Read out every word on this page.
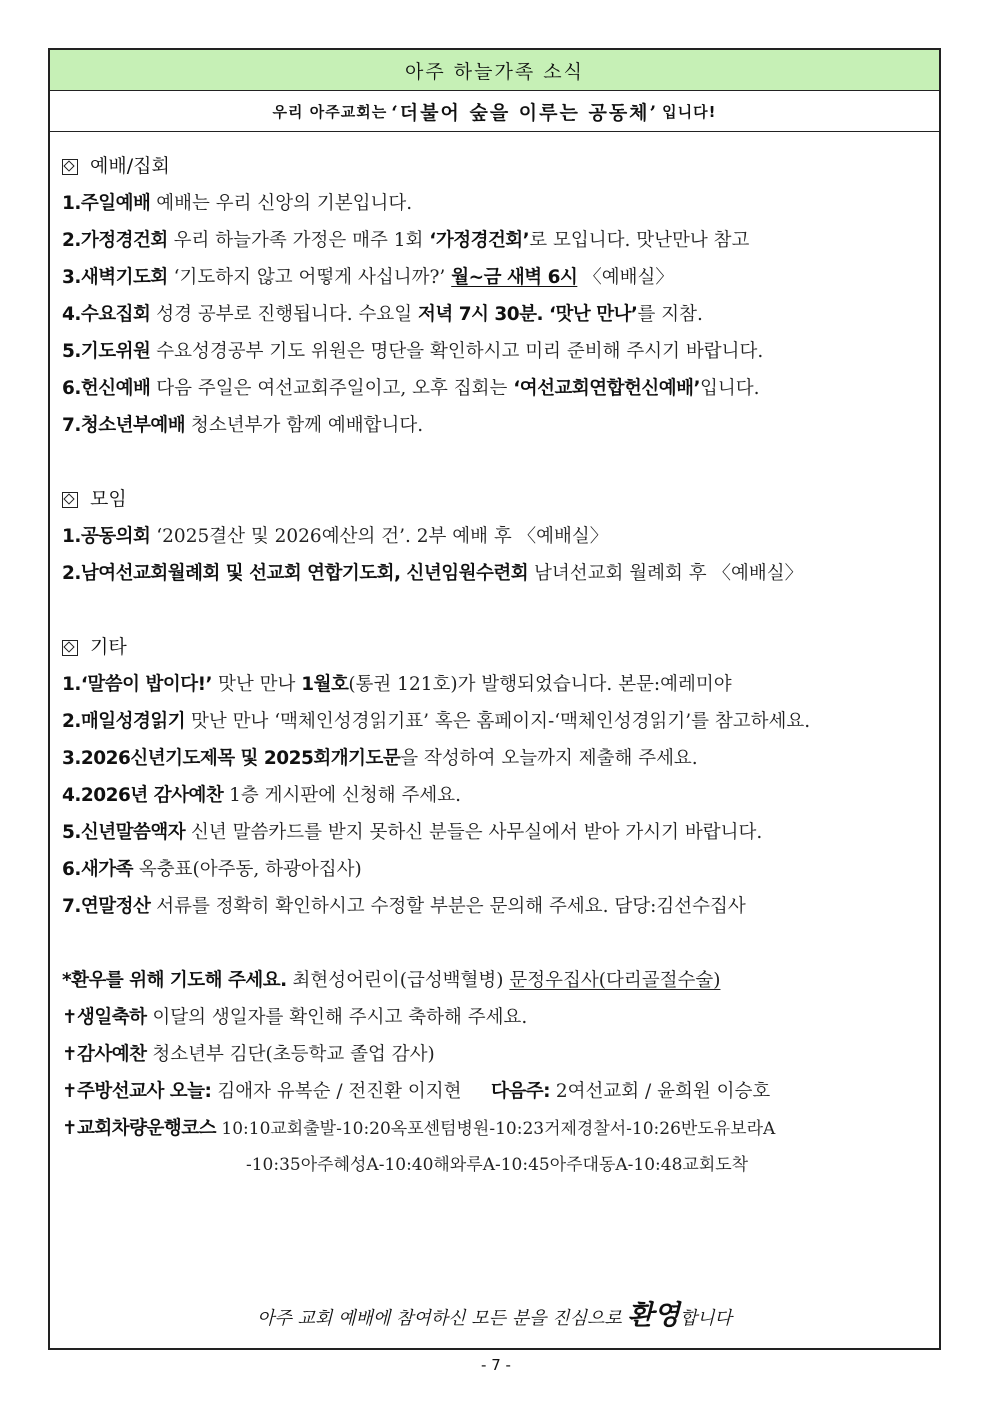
아주 하늘가족 소식
우리 아주교회는 ‘더불어 숲을 이루는 공동체’ 입니다!
예배/집회
1.주일예배 예배는 우리 신앙의 기본입니다.
2.가정경건회 우리 하늘가족 가정은 매주 1회 ‘가정경건회’로 모입니다. 맛난만나 참고
3.새벽기도회 ‘기도하지 않고 어떻게 사십니까?’ 월~금 새벽 6시 〈예배실〉
4.수요집회 성경 공부로 진행됩니다. 수요일 저녁 7시 30분. ‘맛난 만나’를 지참.
5.기도위원 수요성경공부 기도 위원은 명단을 확인하시고 미리 준비해 주시기 바랍니다.
6.헌신예배 다음 주일은 여선교회주일이고, 오후 집회는 ‘여선교회연합헌신예배’입니다.
7.청소년부예배 청소년부가 함께 예배합니다.
모임
1.공동의회 ‘2025결산 및 2026예산의 건’. 2부 예배 후 〈예배실〉
2.남여선교회월례회 및 선교회 연합기도회, 신년임원수련회 남녀선교회 월례회 후 〈예배실〉
기타
1.‘말씀이 밥이다!’ 맛난 만나 1월호(통권 121호)가 발행되었습니다. 본문:예레미야
2.매일성경읽기 맛난 만나 ‘맥체인성경읽기표’ 혹은 홈페이지-‘맥체인성경읽기’를 참고하세요.
3.2026신년기도제목 및 2025회개기도문을 작성하여 오늘까지 제출해 주세요.
4.2026년 감사예찬 1층 게시판에 신청해 주세요.
5.신년말씀액자 신년 말씀카드를 받지 못하신 분들은 사무실에서 받아 가시기 바랍니다.
6.새가족 옥충표(아주동, 하광아집사)
7.연말정산 서류를 정확히 확인하시고 수정할 부분은 문의해 주세요. 담당:김선수집사
*환우를 위해 기도해 주세요. 최현성어린이(급성백혈병) 문정우집사(다리골절수술)
✝생일축하 이달의 생일자를 확인해 주시고 축하해 주세요.
✝감사예찬 청소년부 김단(초등학교 졸업 감사)
✝주방선교사 오늘: 김애자 유복순 / 전진환 이지현 다음주: 2여선교회 / 윤희원 이승호
✝교회차량운행코스 10:10교회출발-10:20옥포센텀병원-10:23거제경찰서-10:26반도유보라A
-10:35아주혜성A-10:40해와루A-10:45아주대동A-10:48교회도착
아주 교회 예배에 참여하신 모든 분을 진심으로 환영합니다
- 7 -
